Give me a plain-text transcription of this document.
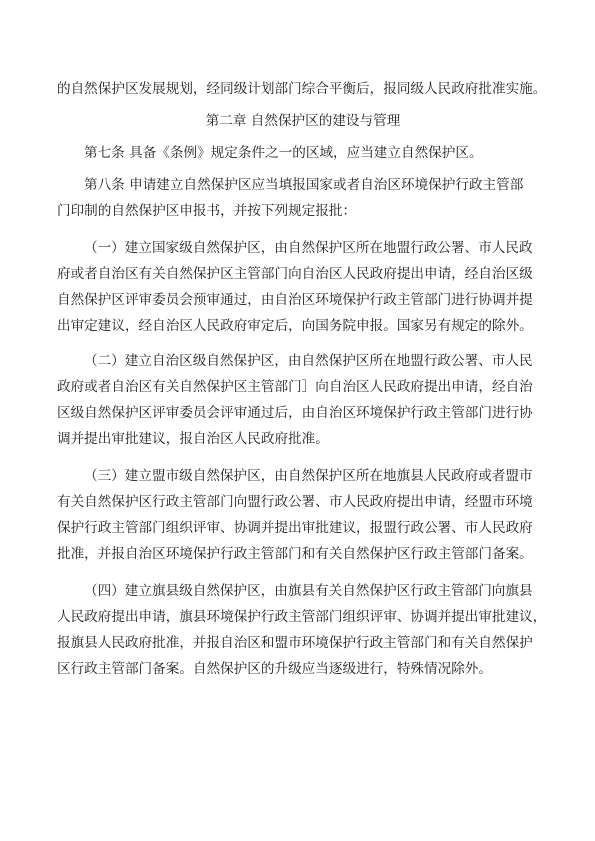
的自然保护区发展规划，经同级计划部门综合平衡后，报同级人民政府批准实施。
第二章 自然保护区的建设与管理
第七条 具备《条例》规定条件之一的区域，应当建立自然保护区。
第八条 申请建立自然保护区应当填报国家或者自治区环境保护行政主管部
门印制的自然保护区申报书，并按下列规定报批：
（一）建立国家级自然保护区，由自然保护区所在地盟行政公署、市人民政
府或者自治区有关自然保护区主管部门向自治区人民政府提出申请，经自治区级
自然保护区评审委员会预审通过，由自治区环境保护行政主管部门进行协调并提
出审定建议，经自治区人民政府审定后，向国务院申报。国家另有规定的除外。
（二）建立自治区级自然保护区，由自然保护区所在地盟行政公署、市人民
政府或者自治区有关自然保护区主管部门］向自治区人民政府提出申请，经自治
区级自然保护区评审委员会评审通过后，由自治区环境保护行政主管部门进行协
调并提出审批建议，报自治区人民政府批准。
（三）建立盟市级自然保护区，由自然保护区所在地旗县人民政府或者盟市
有关自然保护区行政主管部门向盟行政公署、市人民政府提出申请，经盟市环境
保护行政主管部门组织评审、协调并提出审批建议，报盟行政公署、市人民政府
批准，并报自治区环境保护行政主管部门和有关自然保护区行政主管部门备案。
（四）建立旗县级自然保护区，由旗县有关自然保护区行政主管部门向旗县
人民政府提出申请，旗县环境保护行政主管部门组织评审、协调并提出审批建议，
报旗县人民政府批准，并报自治区和盟市环境保护行政主管部门和有关自然保护
区行政主管部门备案。自然保护区的升级应当逐级进行，特殊情况除外。
